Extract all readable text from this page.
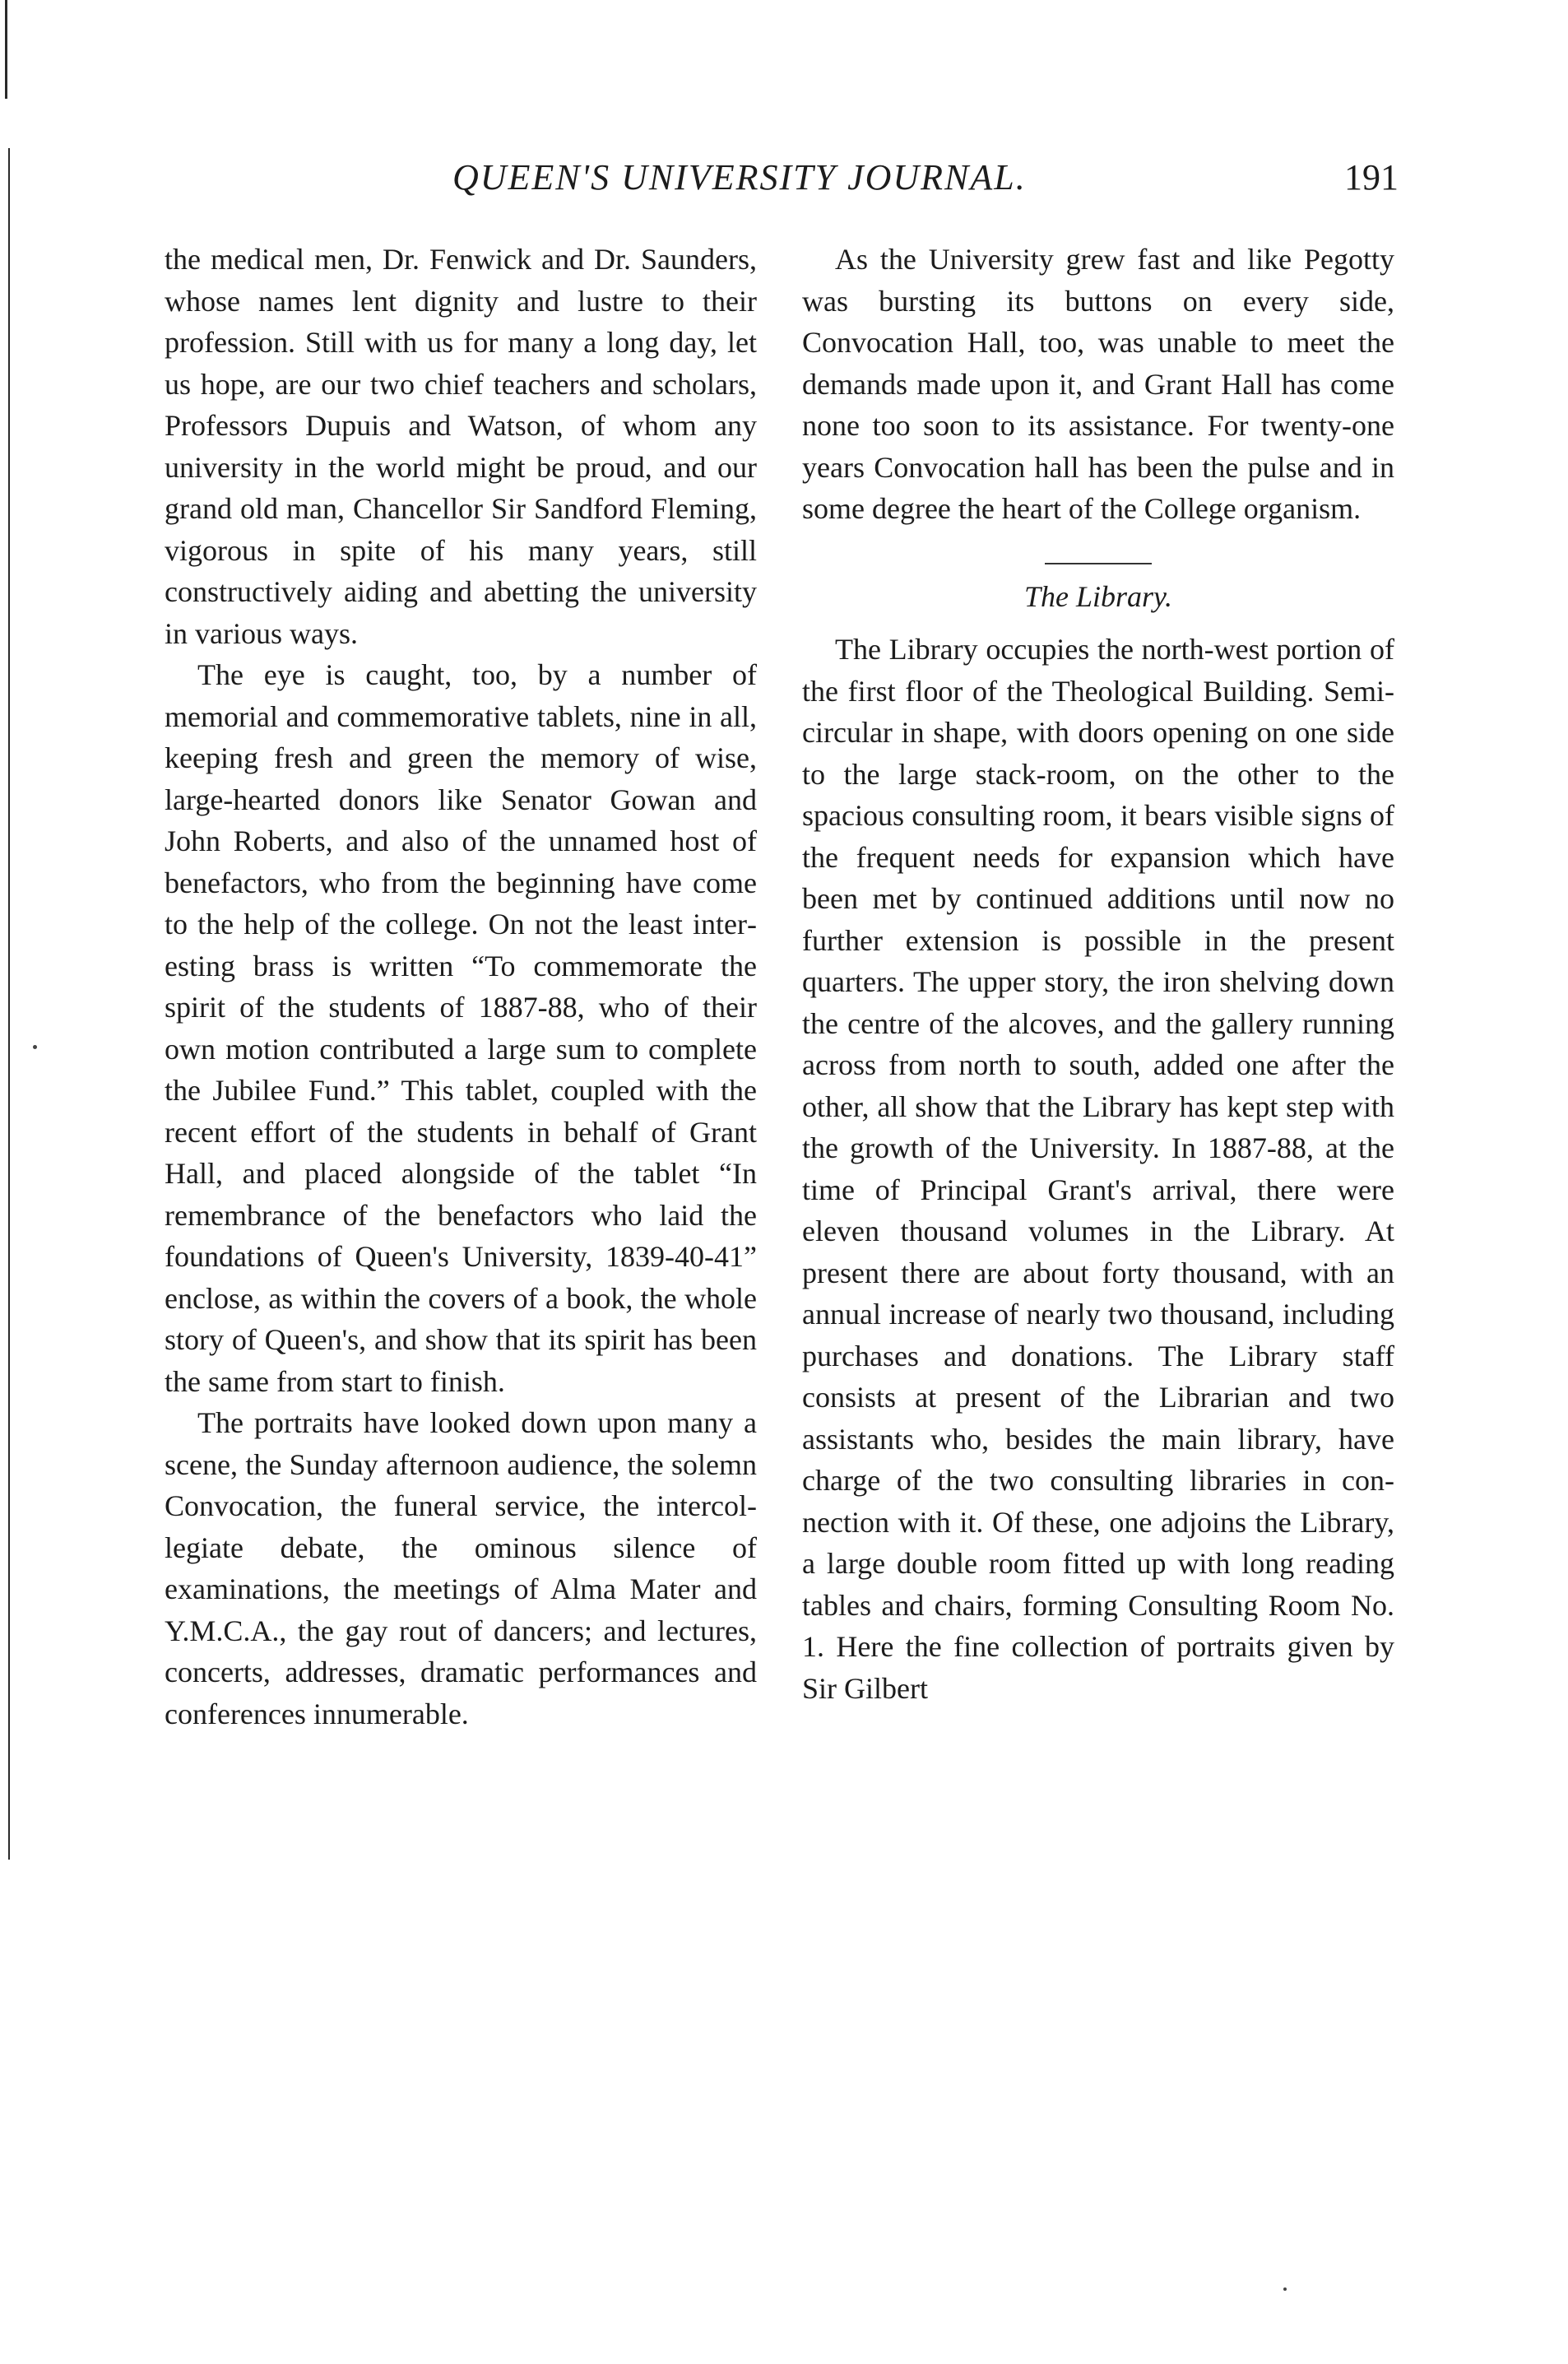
QUEEN'S UNIVERSITY JOURNAL.	191

the medical men, Dr. Fenwick and Dr. Saunders, whose names lent dignity and lustre to their profession. Still with us for many a long day, let us hope, are our two chief teachers and scholars, Professors Dupuis and Watson, of whom any university in the world might be proud, and our grand old man, Chancellor Sir Sandford Fleming, vigorous in spite of his many years, still constructively aiding and abetting the university in various ways.

The eye is caught, too, by a number of memorial and commemorative tablets, nine in all, keeping fresh and green the memory of wise, large-hearted donors like Senator Gowan and John Roberts, and also of the unnamed host of benefactors, who from the beginning have come to the help of the college. On not the least interesting brass is written “To commemorate the spirit of the students of 1887-88, who of their own motion contributed a large sum to complete the Jubilee Fund.” This tablet, coupled with the recent effort of the students in behalf of Grant Hall, and placed alongside of the tablet “In remembrance of the benefactors who laid the foundations of Queen's University, 1839-40-41” enclose, as within the covers of a book, the whole story of Queen's, and show that its spirit has been the same from start to finish.

The portraits have looked down upon many a scene, the Sunday afternoon audience, the solemn Convocation, the funeral service, the intercollegiate debate, the ominous silence of examinations, the meetings of Alma Mater and Y.M.C.A., the gay rout of dancers; and lectures, concerts, addresses, dramatic performances and conferences innumerable.

As the University grew fast and like Pegotty was bursting its buttons on every side, Convocation Hall, too, was unable to meet the demands made upon it, and Grant Hall has come none too soon to its assistance. For twenty-one years Convocation hall has been the pulse and in some degree the heart of the College organism.

The Library.

The Library occupies the north-west portion of the first floor of the Theological Building. Semi-circular in shape, with doors opening on one side to the large stack-room, on the other to the spacious consulting room, it bears visible signs of the frequent needs for expansion which have been met by continued additions until now no further extension is possible in the present quarters. The upper story, the iron shelving down the centre of the alcoves, and the gallery running across from north to south, added one after the other, all show that the Library has kept step with the growth of the University. In 1887-88, at the time of Principal Grant's arrival, there were eleven thousand volumes in the Library. At present there are about forty thousand, with an annual increase of nearly two thousand, including purchases and donations. The Library staff consists at present of the Librarian and two assistants who, besides the main library, have charge of the two consulting libraries in connection with it. Of these, one adjoins the Library, a large double room fitted up with long reading tables and chairs, forming Consulting Room No. 1. Here the fine collection of portraits given by Sir Gilbert
